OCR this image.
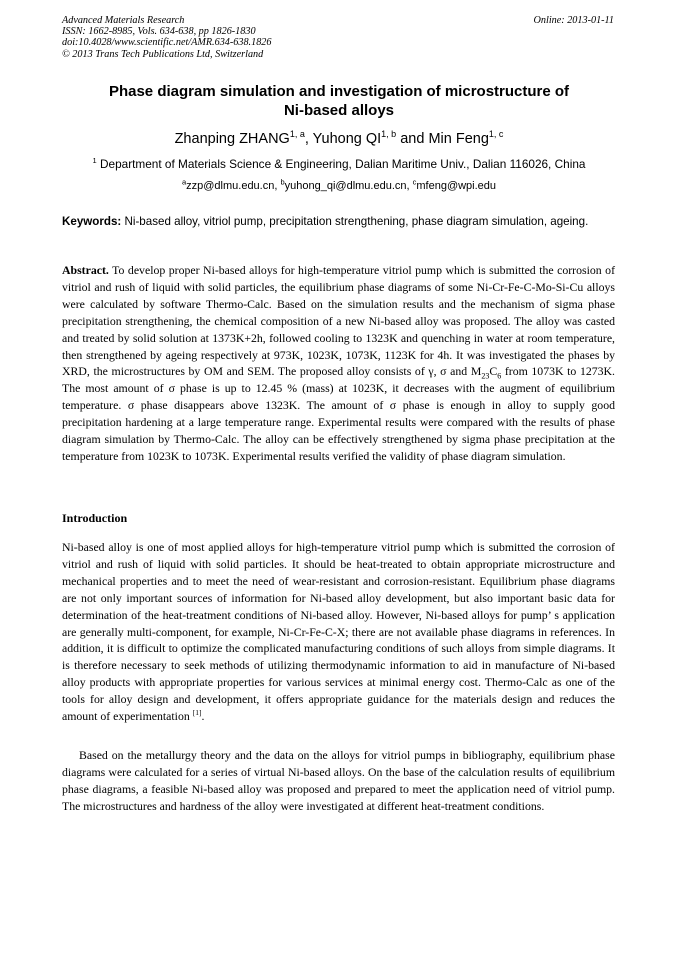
Advanced Materials Research
ISSN: 1662-8985, Vols. 634-638, pp 1826-1830
doi:10.4028/www.scientific.net/AMR.634-638.1826
© 2013 Trans Tech Publications Ltd, Switzerland
Online: 2013-01-11
Phase diagram simulation and investigation of microstructure of
Ni-based alloys
Zhanping ZHANG$^{1, a}$, Yuhong QI$^{1, b}$ and Min Feng$^{1, c}$
$^1$ Department of Materials Science & Engineering, Dalian Maritime Univ., Dalian 116026, China
$^a$zzp@dlmu.edu.cn, $^b$yuhong_qi@dlmu.edu.cn, $^c$mfeng@wpi.edu
Keywords: Ni-based alloy, vitriol pump, precipitation strengthening, phase diagram simulation, ageing.
Abstract. To develop proper Ni-based alloys for high-temperature vitriol pump which is submitted the corrosion of vitriol and rush of liquid with solid particles, the equilibrium phase diagrams of some Ni-Cr-Fe-C-Mo-Si-Cu alloys were calculated by software Thermo-Calc. Based on the simulation results and the mechanism of sigma phase precipitation strengthening, the chemical composition of a new Ni-based alloy was proposed. The alloy was casted and treated by solid solution at 1373K+2h, followed cooling to 1323K and quenching in water at room temperature, then strengthened by ageing respectively at 973K, 1023K, 1073K, 1123K for 4h. It was investigated the phases by XRD, the microstructures by OM and SEM. The proposed alloy consists of γ, σ and $M_{23}C_6$ from 1073K to 1273K. The most amount of σ phase is up to 12.45 % (mass) at 1023K, it decreases with the augment of equilibrium temperature. σ phase disappears above 1323K. The amount of σ phase is enough in alloy to supply good precipitation hardening at a large temperature range. Experimental results were compared with the results of phase diagram simulation by Thermo-Calc. The alloy can be effectively strengthened by sigma phase precipitation at the temperature from 1023K to 1073K. Experimental results verified the validity of phase diagram simulation.
Introduction
Ni-based alloy is one of most applied alloys for high-temperature vitriol pump which is submitted the corrosion of vitriol and rush of liquid with solid particles. It should be heat-treated to obtain appropriate microstructure and mechanical properties and to meet the need of wear-resistant and corrosion-resistant. Equilibrium phase diagrams are not only important sources of information for Ni-based alloy development, but also important basic data for determination of the heat-treatment conditions of Ni-based alloy. However, Ni-based alloys for pump’ s application are generally multi-component, for example, Ni-Cr-Fe-C-X; there are not available phase diagrams in references. In addition, it is difficult to optimize the complicated manufacturing conditions of such alloys from simple diagrams. It is therefore necessary to seek methods of utilizing thermodynamic information to aid in manufacture of Ni-based alloy products with appropriate properties for various services at minimal energy cost. Thermo-Calc as one of the tools for alloy design and development, it offers appropriate guidance for the materials design and reduces the amount of experimentation [1].
Based on the metallurgy theory and the data on the alloys for vitriol pumps in bibliography, equilibrium phase diagrams were calculated for a series of virtual Ni-based alloys. On the base of the calculation results of equilibrium phase diagrams, a feasible Ni-based alloy was proposed and prepared to meet the application need of vitriol pump. The microstructures and hardness of the alloy were investigated at different heat-treatment conditions.
